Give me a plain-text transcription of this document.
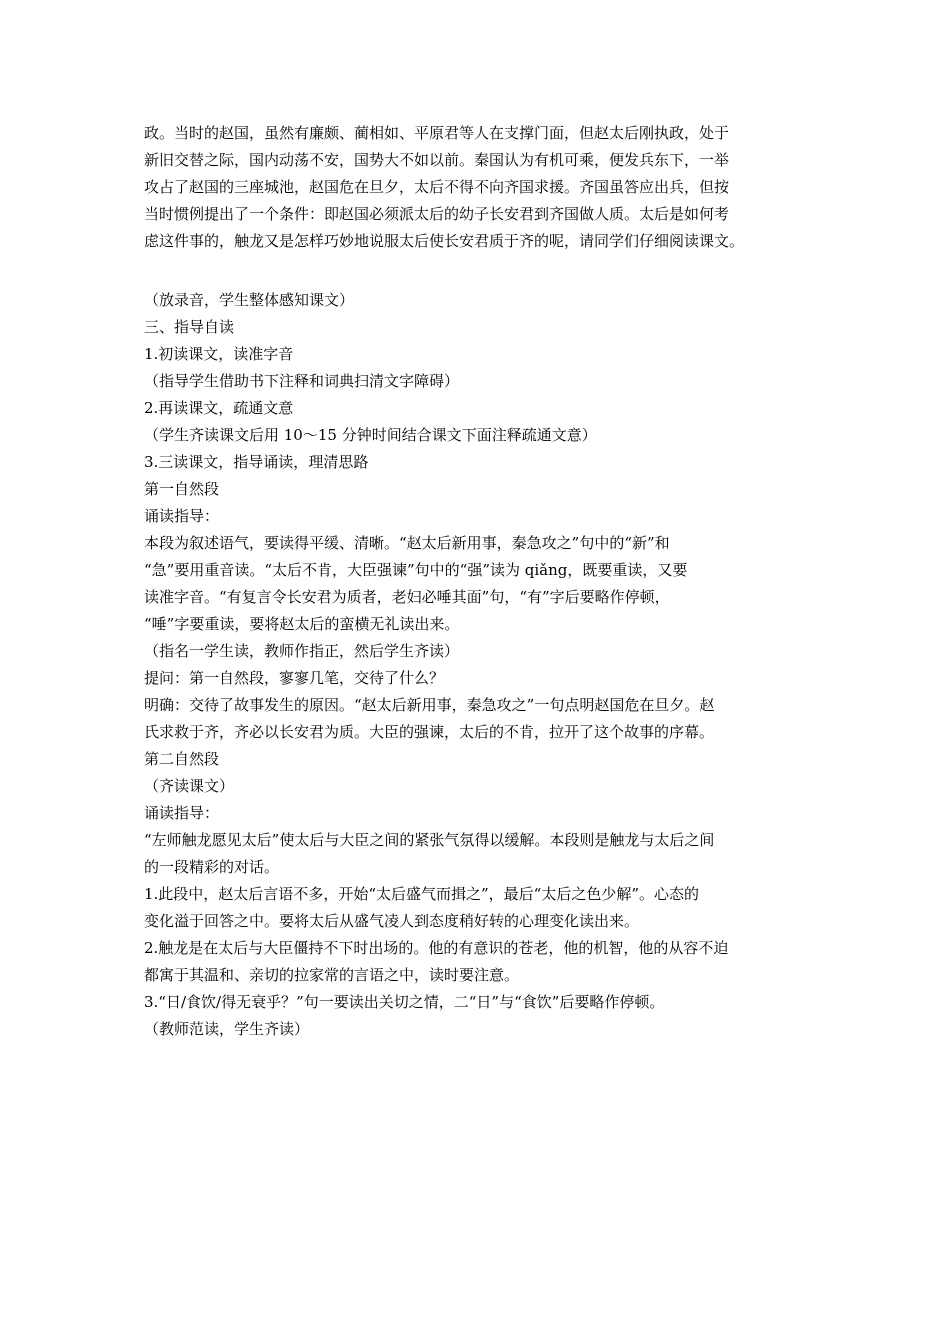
政。当时的赵国，虽然有廉颇、蔺相如、平原君等人在支撑门面，但赵太后刚执政，处于
新旧交替之际，国内动荡不安，国势大不如以前。秦国认为有机可乘，便发兵东下，一举
攻占了赵国的三座城池，赵国危在旦夕，太后不得不向齐国求援。齐国虽答应出兵，但按
当时惯例提出了一个条件：即赵国必须派太后的幼子长安君到齐国做人质。太后是如何考
虑这件事的，触龙又是怎样巧妙地说服太后使长安君质于齐的呢，请同学们仔细阅读课文。
（放录音，学生整体感知课文）
三、指导自读
1.初读课文，读准字音
（指导学生借助书下注释和词典扫清文字障碍）
2.再读课文，疏通文意
（学生齐读课文后用 10～15 分钟时间结合课文下面注释疏通文意）
3.三读课文，指导诵读，理清思路
第一自然段
诵读指导：
本段为叙述语气，要读得平缓、清晰。“赵太后新用事，秦急攻之”句中的“新”和
“急”要用重音读。“太后不肯，大臣强谏”句中的“强”读为 qiǎng，既要重读，又要
读准字音。“有复言令长安君为质者，老妇必唾其面”句，“有”字后要略作停顿，
“唾”字要重读，要将赵太后的蛮横无礼读出来。
（指名一学生读，教师作指正，然后学生齐读）
提问：第一自然段，寥寥几笔，交待了什么？
明确：交待了故事发生的原因。“赵太后新用事，秦急攻之”一句点明赵国危在旦夕。赵
氏求救于齐，齐必以长安君为质。大臣的强谏，太后的不肯，拉开了这个故事的序幕。
第二自然段
（齐读课文）
诵读指导：
“左师触龙愿见太后”使太后与大臣之间的紧张气氛得以缓解。本段则是触龙与太后之间
的一段精彩的对话。
1.此段中，赵太后言语不多，开始“太后盛气而揖之”，最后“太后之色少解”。心态的
变化溢于回答之中。要将太后从盛气凌人到态度稍好转的心理变化读出来。
2.触龙是在太后与大臣僵持不下时出场的。他的有意识的苍老，他的机智，他的从容不迫
都寓于其温和、亲切的拉家常的言语之中，读时要注意。
3.“日/食饮/得无衰乎？”句一要读出关切之情，二“日”与“食饮”后要略作停顿。
（教师范读，学生齐读）
